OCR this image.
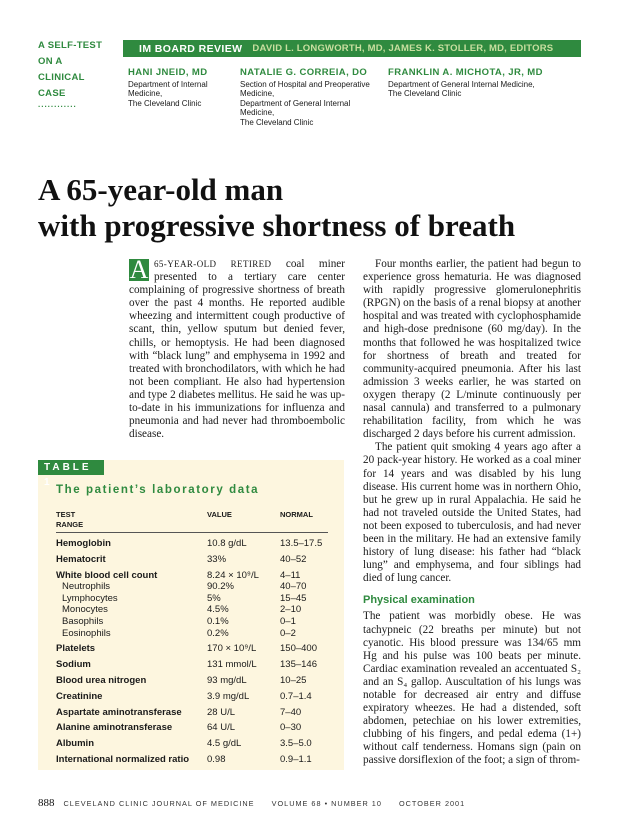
A SELF-TEST
ON A
CLINICAL
CASE
............
IM BOARD REVIEW	DAVID L. LONGWORTH, MD, JAMES K. STOLLER, MD, EDITORS
HANI JNEID, MD
Department of Internal Medicine,
The Cleveland Clinic
NATALIE G. CORREIA, DO
Section of Hospital and Preoperative Medicine,
Department of General Internal Medicine,
The Cleveland Clinic
FRANKLIN A. MICHOTA, JR, MD
Department of General Internal Medicine,
The Cleveland Clinic
A 65-year-old man
with progressive shortness of breath
A 65-YEAR-OLD RETIRED coal miner presented to a tertiary care center complaining of progressive shortness of breath over the past 4 months. He reported audible wheezing and intermittent cough productive of scant, thin, yellow sputum but denied fever, chills, or hemoptysis. He had been diagnosed with “black lung” and emphysema in 1992 and treated with bronchodilators, with which he had not been compliant. He also had hypertension and type 2 diabetes mellitus. He said he was up-to-date in his immunizations for influenza and pneumonia and had never had thromboembolic disease.
TABLE 1
The patient’s laboratory data
TEST
RANGE
VALUE	NORMAL
Hemoglobin	10.8 g/dL	13.5–17.5
Hematocrit	33%	40–52
White blood cell count	8.24 × 10⁹/L 4–11
Neutrophils	90.2%	40–70
Lymphocytes	5%	15–45
Monocytes	4.5%	2–10
Basophils	0.1%	0–1
Eosinophils	0.2%	0–2
Platelets	170 × 10⁹/L	150–400
Sodium	131 mmol/L 135–146
Blood urea nitrogen	93 mg/dL	10–25
Creatinine	3.9 mg/dL	0.7–1.4
Aspartate aminotransferase	28 U/L	7–40
Alanine aminotransferase	64 U/L	0–30
Albumin	4.5 g/dL	3.5–5.0
International normalized ratio 0.98	0.9–1.1

Four months earlier, the patient had begun to experience gross hematuria. He was diagnosed with rapidly progressive glomerulonephritis (RPGN) on the basis of a renal biopsy at another hospital and was treated with cyclophosphamide and high-dose prednisone (60 mg/day). In the months that followed he was hospitalized twice for shortness of breath and treated for community-acquired pneumonia. After his last admission 3 weeks earlier, he was started on oxygen therapy (2 L/minute continuously per nasal cannula) and transferred to a pulmonary rehabilitation facility, from which he was discharged 2 days before his current admission.

The patient quit smoking 4 years ago after a 20 pack-year history. He worked as a coal miner for 14 years and was disabled by his lung disease. His current home was in northern Ohio, but he grew up in rural Appalachia. He said he had not traveled outside the United States, had not been exposed to tuberculosis, and had never been in the military. He had an extensive family history of lung disease: his father had “black lung” and emphysema, and four siblings had died of lung cancer.

Physical examination

The patient was morbidly obese. He was tachypneic (22 breaths per minute) but not cyanotic. His blood pressure was 134/65 mm Hg and his pulse was 100 beats per minute. Cardiac examination revealed an accentuated S₂ and an S₄ gallop. Auscultation of his lungs was notable for decreased air entry and diffuse expiratory wheezes. He had a distended, soft abdomen, petechiae on his lower extremities, clubbing of his fingers, and pedal edema (1+) without calf tenderness. Homans sign (pain on passive dorsiflexion of the foot; a sign of throm-

888 CLEVELAND CLINIC JOURNAL OF MEDICINE VOLUME 68 • NUMBER 10 OCTOBER 2001
